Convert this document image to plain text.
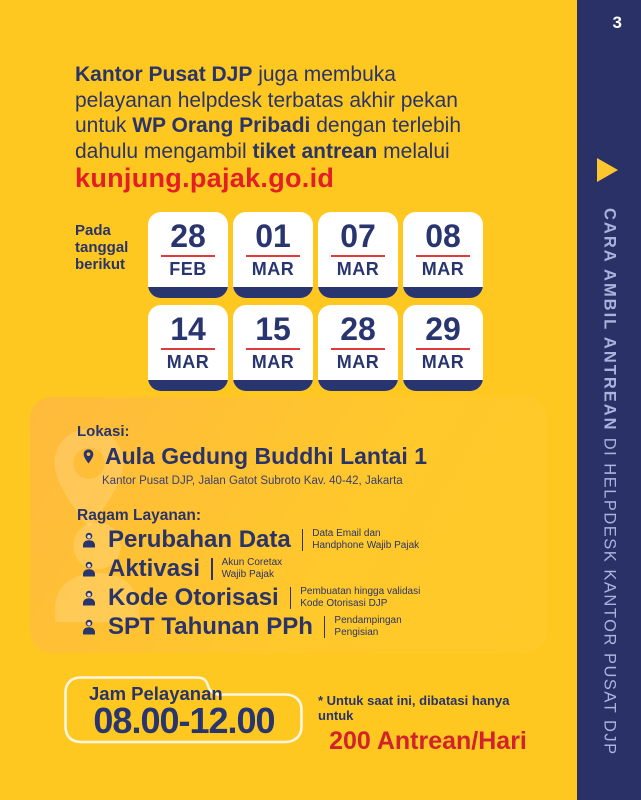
Kantor Pusat DJP juga membuka
pelayanan helpdesk terbatas akhir pekan
untuk WP Orang Pribadi dengan terlebih
dahulu mengambil tiket antrean melalui

kunjung.pajak.go.id
Pada tanggal berikut
28
FEB
01
MAR
07
MAR
08
MAR
14
MAR
15
MAR
28
MAR
29
MAR
Lokasi:
Aula Gedung Buddhi Lantai 1
Kantor Pusat DJP, Jalan Gatot Subroto Kav. 40-42, Jakarta
Ragam Layanan:
Perubahan Data Data Email dan
Handphone Wajib Pajak
Aktivasi Akun Coretax
Wajib Pajak
Kode Otorisasi Pembuatan hingga validasi
Kode Otorisasi DJP
SPT Tahunan PPh Pendampingan
Pengisian
Jam Pelayanan
08.00-12.00	* Untuk saat ini, dibatasi hanya untuk
200 Antrean/Hari
3
CARA AMBIL ANTREAN DI HELPDESK KANTOR PUSAT DJP
